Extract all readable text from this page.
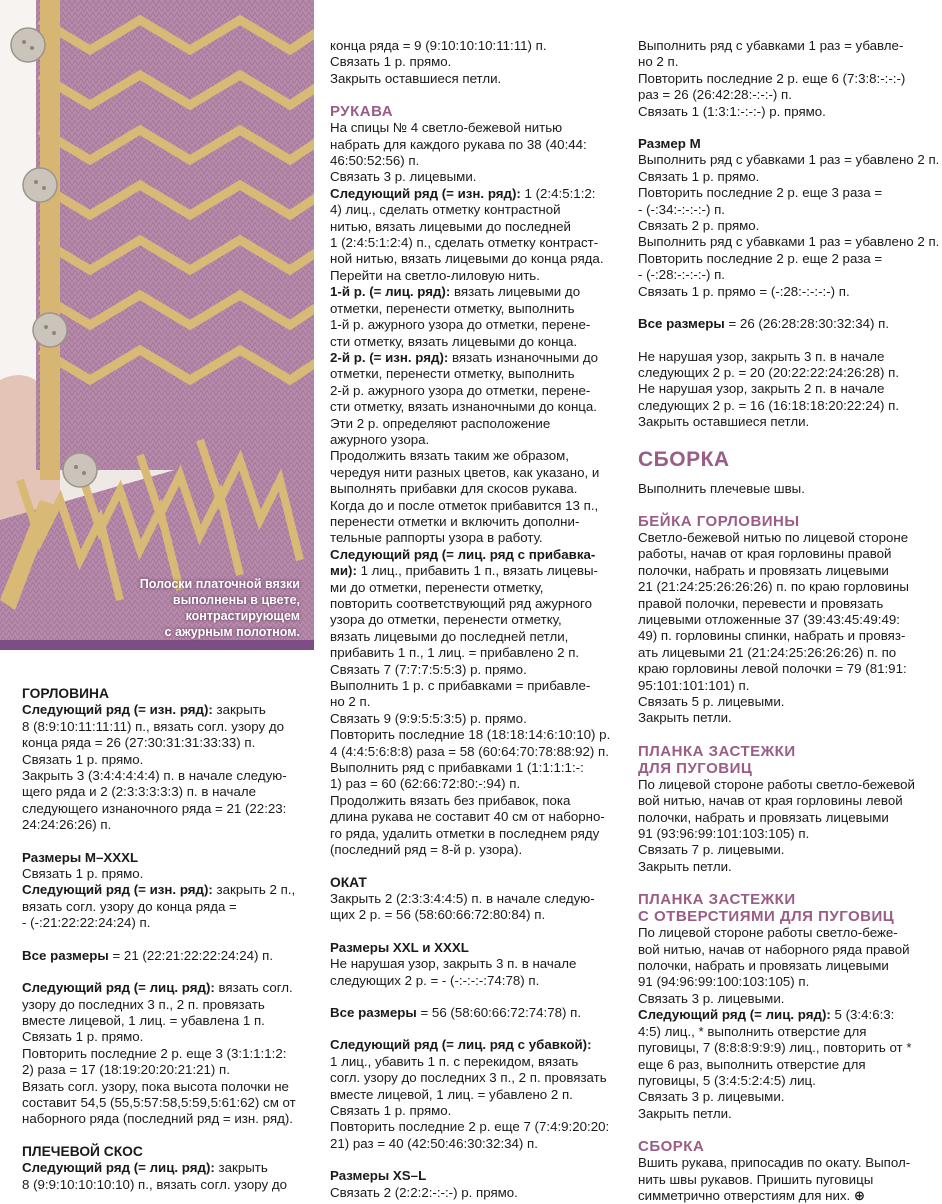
Полоски платочной вязки
выполнены в цвете,
контрастирующем
с ажурным полотном.

ГОРЛОВИНА

Следующий ряд (= изн. ряд): закрыть

8 (8:9:10:11:11:11) п., вязать согл. узору до

конца ряда = 26 (27:30:31:31:33:33) п.

Связать 1 р. прямо.

Закрыть 3 (3:4:4:4:4:4) п. в начале следую-

щего ряда и 2 (2:3:3:3:3:3) п. в начале

следующего изнаночного ряда = 21 (22:23:

24:24:26:26) п.

Размеры M–XXXL

Связать 1 р. прямо.

Следующий ряд (= изн. ряд): закрыть 2 п.,

вязать согл. узору до конца ряда =

- (-:21:22:22:24:24) п.

Все размеры = 21 (22:21:22:22:24:24) п.

Следующий ряд (= лиц. ряд): вязать согл.

узору до последних 3 п., 2 п. провязать

вместе лицевой, 1 лиц. = убавлена 1 п.

Связать 1 р. прямо.

Повторить последние 2 р. еще 3 (3:1:1:1:2:

2) раза = 17 (18:19:20:20:21:21) п.

Вязать согл. узору, пока высота полочки не

составит 54,5 (55,5:57:58,5:59,5:61:62) см от

наборного ряда (последний ряд = изн. ряд).

ПЛЕЧЕВОЙ СКОС

Следующий ряд (= лиц. ряд): закрыть

8 (9:9:10:10:10:10) п., вязать согл. узору до

конца ряда = 9 (9:10:10:10:11:11) п.

Связать 1 р. прямо.

Закрыть оставшиеся петли.

РУКАВА

На спицы № 4 светло-бежевой нитью

набрать для каждого рукава по 38 (40:44:

46:50:52:56) п.

Связать 3 р. лицевыми.

Следующий ряд (= изн. ряд): 1 (2:4:5:1:2:

4) лиц., сделать отметку контрастной

нитью, вязать лицевыми до последней

1 (2:4:5:1:2:4) п., сделать отметку контраст-

ной нитью, вязать лицевыми до конца ряда.

Перейти на светло-лиловую нить.

1-й р. (= лиц. ряд): вязать лицевыми до

отметки, перенести отметку, выполнить

1-й р. ажурного узора до отметки, перене-

сти отметку, вязать лицевыми до конца.

2-й р. (= изн. ряд): вязать изнаночными до

отметки, перенести отметку, выполнить

2-й р. ажурного узора до отметки, перене-

сти отметку, вязать изнаночными до конца.

Эти 2 р. определяют расположение

ажурного узора.

Продолжить вязать таким же образом,

чередуя нити разных цветов, как указано, и

выполнять прибавки для скосов рукава.

Когда до и после отметок прибавится 13 п.,

перенести отметки и включить дополни-

тельные раппорты узора в работу.

Следующий ряд (= лиц. ряд с прибавка-

ми): 1 лиц., прибавить 1 п., вязать лицевы-

ми до отметки, перенести отметку,

повторить соответствующий ряд ажурного

узора до отметки, перенести отметку,

вязать лицевыми до последней петли,

прибавить 1 п., 1 лиц. = прибавлено 2 п.

Связать 7 (7:7:7:5:5:3) р. прямо.

Выполнить 1 р. с прибавками = прибавле-

но 2 п.

Связать 9 (9:9:5:5:3:5) р. прямо.

Повторить последние 18 (18:18:14:6:10:10) р.

4 (4:4:5:6:8:8) раза = 58 (60:64:70:78:88:92) п.

Выполнить ряд с прибавками 1 (1:1:1:1:-:

1) раз = 60 (62:66:72:80:-:94) п.

Продолжить вязать без прибавок, пока

длина рукава не составит 40 см от наборно-

го ряда, удалить отметки в последнем ряду

(последний ряд = 8-й р. узора).

ОКАТ

Закрыть 2 (2:3:3:4:4:5) п. в начале следую-

щих 2 р. = 56 (58:60:66:72:80:84) п.

Размеры XXL и XXXL

Не нарушая узор, закрыть 3 п. в начале

следующих 2 р. = - (-:-:-:-:74:78) п.

Все размеры = 56 (58:60:66:72:74:78) п.

Следующий ряд (= лиц. ряд с убавкой):

1 лиц., убавить 1 п. с перекидом, вязать

согл. узору до последних 3 п., 2 п. провязать

вместе лицевой, 1 лиц. = убавлено 2 п.

Связать 1 р. прямо.

Повторить последние 2 р. еще 7 (7:4:9:20:20:

21) раз = 40 (42:50:46:30:32:34) п.

Размеры XS–L

Связать 2 (2:2:2:-:-:-) р. прямо.

Выполнить ряд с убавками 1 раз = убавле-

но 2 п.

Повторить последние 2 р. еще 6 (7:3:8:-:-:-)

раз = 26 (26:42:28:-:-:-) п.

Связать 1 (1:3:1:-:-:-) р. прямо.

Размер M

Выполнить ряд с убавками 1 раз = убавлено 2 п.

Связать 1 р. прямо.

Повторить последние 2 р. еще 3 раза =

- (-:34:-:-:-:-) п.

Связать 2 р. прямо.

Выполнить ряд с убавками 1 раз = убавлено 2 п.

Повторить последние 2 р. еще 2 раза =

- (-:28:-:-:-:-) п.

Связать 1 р. прямо = (-:28:-:-:-:-) п.

Все размеры = 26 (26:28:28:30:32:34) п.

Не нарушая узор, закрыть 3 п. в начале

следующих 2 р. = 20 (20:22:22:24:26:28) п.

Не нарушая узор, закрыть 2 п. в начале

следующих 2 р. = 16 (16:18:18:20:22:24) п.

Закрыть оставшиеся петли.

СБОРКА

Выполнить плечевые швы.

БЕЙКА ГОРЛОВИНЫ

Светло-бежевой нитью по лицевой стороне

работы, начав от края горловины правой

полочки, набрать и провязать лицевыми

21 (21:24:25:26:26:26) п. по краю горловины

правой полочки, перевести и провязать

лицевыми отложенные 37 (39:43:45:49:49:

49) п. горловины спинки, набрать и провяз-

ать лицевыми 21 (21:24:25:26:26:26) п. по

краю горловины левой полочки = 79 (81:91:

95:101:101:101) п.

Связать 5 р. лицевыми.

Закрыть петли.

ПЛАНКА ЗАСТЕЖКИ

ДЛЯ ПУГОВИЦ

По лицевой стороне работы светло-бежевой

вой нитью, начав от края горловины левой

полочки, набрать и провязать лицевыми

91 (93:96:99:101:103:105) п.

Связать 7 р. лицевыми.

Закрыть петли.

ПЛАНКА ЗАСТЕЖКИ

С ОТВЕРСТИЯМИ ДЛЯ ПУГОВИЦ

По лицевой стороне работы светло-беже-

вой нитью, начав от наборного ряда правой

полочки, набрать и провязать лицевыми

91 (94:96:99:100:103:105) п.

Связать 3 р. лицевыми.

Следующий ряд (= лиц. ряд): 5 (3:4:6:3:

4:5) лиц., * выполнить отверстие для

пуговицы, 7 (8:8:8:9:9:9) лиц., повторить от *

еще 6 раз, выполнить отверстие для

пуговицы, 5 (3:4:5:2:4:5) лиц.

Связать 3 р. лицевыми.

Закрыть петли.

СБОРКА

Вшить рукава, припосадив по окату. Выпол-

нить швы рукавов. Пришить пуговицы

симметрично отверстиям для них. ⊕
